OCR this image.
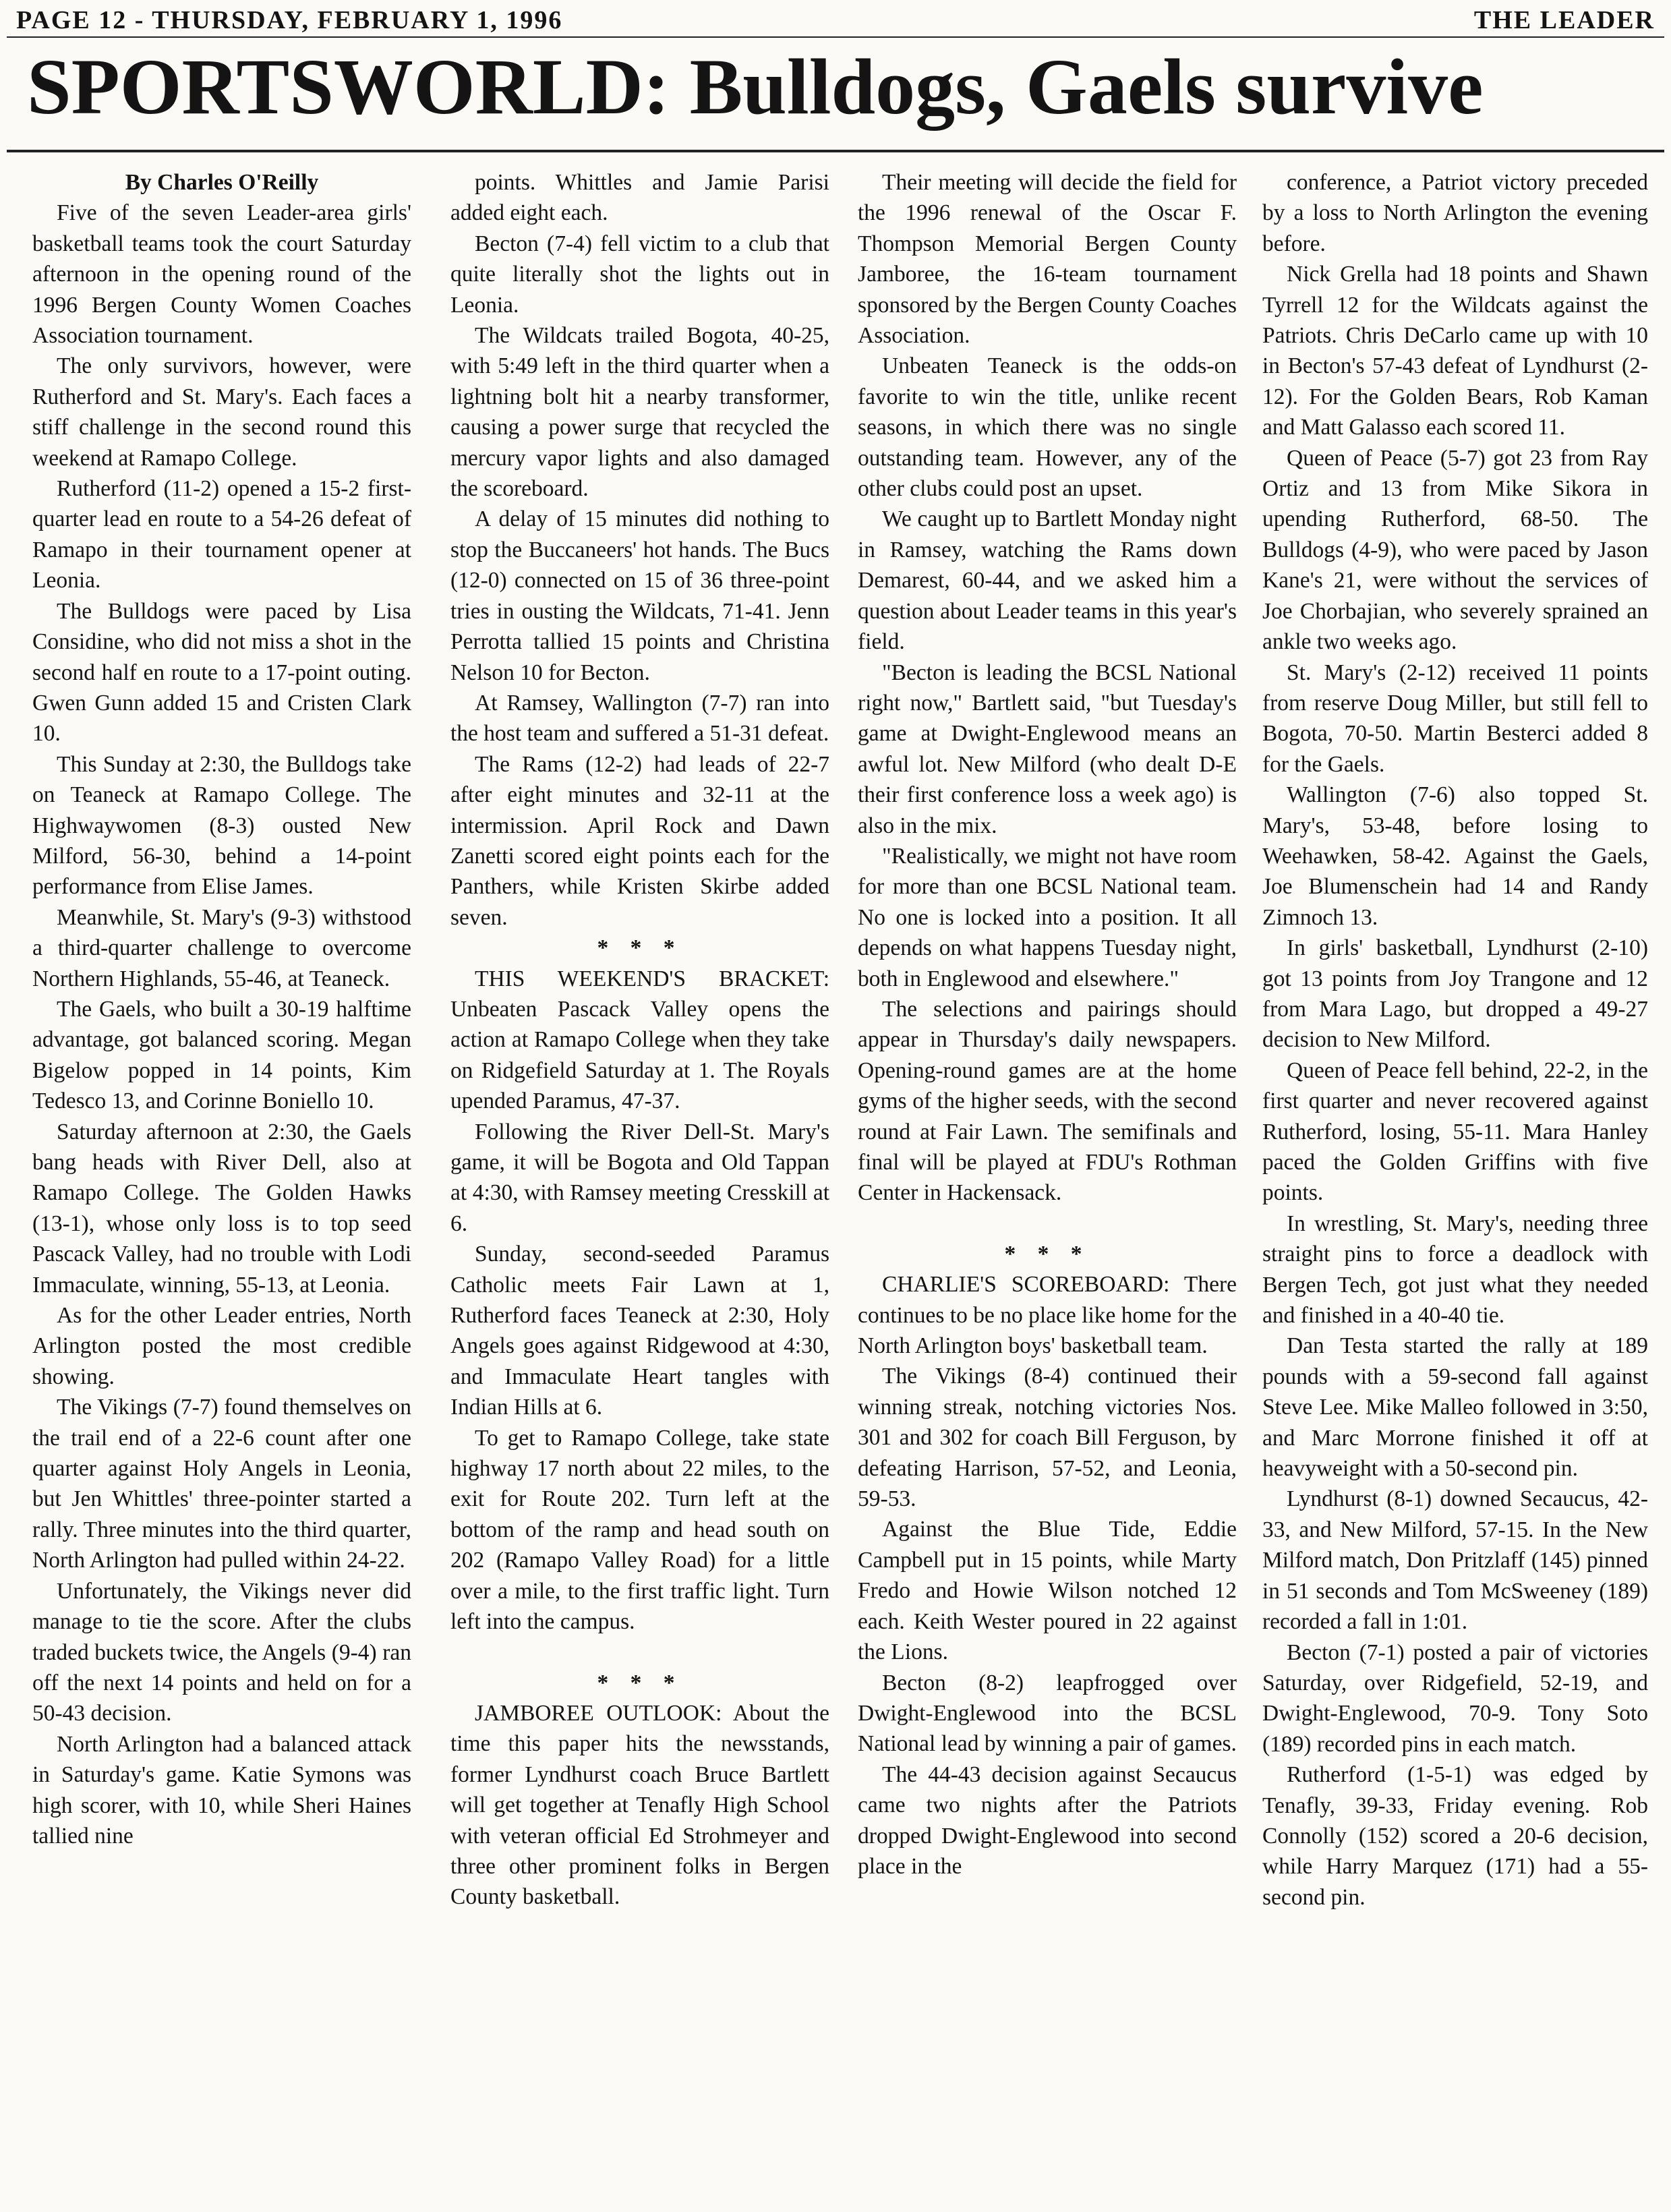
PAGE 12 - THURSDAY, FEBRUARY 1, 1996	THE LEADER
SPORTSWORLD: Bulldogs, Gaels survive

By Charles O'Reilly

Five of the seven Leader-area girls' basketball teams took the court Saturday afternoon in the opening round of the 1996 Bergen County Women Coaches Association tournament.

The only survivors, however, were Rutherford and St. Mary's. Each faces a stiff challenge in the second round this weekend at Ramapo College.

Rutherford (11-2) opened a 15-2 first-quarter lead en route to a 54-26 defeat of Ramapo in their tournament opener at Leonia.

The Bulldogs were paced by Lisa Considine, who did not miss a shot in the second half en route to a 17-point outing. Gwen Gunn added 15 and Cristen Clark 10.

This Sunday at 2:30, the Bulldogs take on Teaneck at Ramapo College. The Highwaywomen (8-3) ousted New Milford, 56-30, behind a 14-point performance from Elise James.

Meanwhile, St. Mary's (9-3) withstood a third-quarter challenge to overcome Northern Highlands, 55-46, at Teaneck.

The Gaels, who built a 30-19 halftime advantage, got balanced scoring. Megan Bigelow popped in 14 points, Kim Tedesco 13, and Corinne Boniello 10.

Saturday afternoon at 2:30, the Gaels bang heads with River Dell, also at Ramapo College. The Golden Hawks (13-1), whose only loss is to top seed Pascack Valley, had no trouble with Lodi Immaculate, winning, 55-13, at Leonia.

As for the other Leader entries, North Arlington posted the most credible showing.

The Vikings (7-7) found themselves on the trail end of a 22-6 count after one quarter against Holy Angels in Leonia, but Jen Whittles' three-pointer started a rally. Three minutes into the third quarter, North Arlington had pulled within 24-22.

Unfortunately, the Vikings never did manage to tie the score. After the clubs traded buckets twice, the Angels (9-4) ran off the next 14 points and held on for a 50-43 decision.

North Arlington had a balanced attack in Saturday's game. Katie Symons was high scorer, with 10, while Sheri Haines tallied nine

points. Whittles and Jamie Parisi added eight each.

Becton (7-4) fell victim to a club that quite literally shot the lights out in Leonia.

The Wildcats trailed Bogota, 40-25, with 5:49 left in the third quarter when a lightning bolt hit a nearby transformer, causing a power surge that recycled the mercury vapor lights and also damaged the scoreboard.

A delay of 15 minutes did nothing to stop the Buccaneers' hot hands. The Bucs (12-0) connected on 15 of 36 three-point tries in ousting the Wildcats, 71-41. Jenn Perrotta tallied 15 points and Christina Nelson 10 for Becton.

At Ramsey, Wallington (7-7) ran into the host team and suffered a 51-31 defeat.

The Rams (12-2) had leads of 22-7 after eight minutes and 32-11 at the intermission. April Rock and Dawn Zanetti scored eight points each for the Panthers, while Kristen Skirbe added seven.

* * *

THIS WEEKEND'S BRACKET: Unbeaten Pascack Valley opens the action at Ramapo College when they take on Ridgefield Saturday at 1. The Royals upended Paramus, 47-37.

Following the River Dell-St. Mary's game, it will be Bogota and Old Tappan at 4:30, with Ramsey meeting Cresskill at 6.

Sunday, second-seeded Paramus Catholic meets Fair Lawn at 1, Rutherford faces Teaneck at 2:30, Holy Angels goes against Ridgewood at 4:30, and Immaculate Heart tangles with Indian Hills at 6.

To get to Ramapo College, take state highway 17 north about 22 miles, to the exit for Route 202. Turn left at the bottom of the ramp and head south on 202 (Ramapo Valley Road) for a little over a mile, to the first traffic light. Turn left into the campus.

* * *

JAMBOREE OUTLOOK: About the time this paper hits the newsstands, former Lyndhurst coach Bruce Bartlett will get together at Tenafly High School with veteran official Ed Strohmeyer and three other prominent folks in Bergen County basketball.

Their meeting will decide the field for the 1996 renewal of the Oscar F. Thompson Memorial Bergen County Jamboree, the 16-team tournament sponsored by the Bergen County Coaches Association.

Unbeaten Teaneck is the odds-on favorite to win the title, unlike recent seasons, in which there was no single outstanding team. However, any of the other clubs could post an upset.

We caught up to Bartlett Monday night in Ramsey, watching the Rams down Demarest, 60-44, and we asked him a question about Leader teams in this year's field.

"Becton is leading the BCSL National right now," Bartlett said, "but Tuesday's game at Dwight-Englewood means an awful lot. New Milford (who dealt D-E their first conference loss a week ago) is also in the mix.

"Realistically, we might not have room for more than one BCSL National team. No one is locked into a position. It all depends on what happens Tuesday night, both in Englewood and elsewhere."

The selections and pairings should appear in Thursday's daily newspapers. Opening-round games are at the home gyms of the higher seeds, with the second round at Fair Lawn. The semifinals and final will be played at FDU's Rothman Center in Hackensack.

* * *

CHARLIE'S SCOREBOARD: There continues to be no place like home for the North Arlington boys' basketball team.

The Vikings (8-4) continued their winning streak, notching victories Nos. 301 and 302 for coach Bill Ferguson, by defeating Harrison, 57-52, and Leonia, 59-53.

Against the Blue Tide, Eddie Campbell put in 15 points, while Marty Fredo and Howie Wilson notched 12 each. Keith Wester poured in 22 against the Lions.

Becton (8-2) leapfrogged over Dwight-Englewood into the BCSL National lead by winning a pair of games.

The 44-43 decision against Secaucus came two nights after the Patriots dropped Dwight-Englewood into second place in the

conference, a Patriot victory preceded by a loss to North Arlington the evening before.

Nick Grella had 18 points and Shawn Tyrrell 12 for the Wildcats against the Patriots. Chris DeCarlo came up with 10 in Becton's 57-43 defeat of Lyndhurst (2-12). For the Golden Bears, Rob Kaman and Matt Galasso each scored 11.

Queen of Peace (5-7) got 23 from Ray Ortiz and 13 from Mike Sikora in upending Rutherford, 68-50. The Bulldogs (4-9), who were paced by Jason Kane's 21, were without the services of Joe Chorbajian, who severely sprained an ankle two weeks ago.

St. Mary's (2-12) received 11 points from reserve Doug Miller, but still fell to Bogota, 70-50. Martin Besterci added 8 for the Gaels.

Wallington (7-6) also topped St. Mary's, 53-48, before losing to Weehawken, 58-42. Against the Gaels, Joe Blumenschein had 14 and Randy Zimnoch 13.

In girls' basketball, Lyndhurst (2-10) got 13 points from Joy Trangone and 12 from Mara Lago, but dropped a 49-27 decision to New Milford.

Queen of Peace fell behind, 22-2, in the first quarter and never recovered against Rutherford, losing, 55-11. Mara Hanley paced the Golden Griffins with five points.

In wrestling, St. Mary's, needing three straight pins to force a deadlock with Bergen Tech, got just what they needed and finished in a 40-40 tie.

Dan Testa started the rally at 189 pounds with a 59-second fall against Steve Lee. Mike Malleo followed in 3:50, and Marc Morrone finished it off at heavyweight with a 50-second pin.

Lyndhurst (8-1) downed Secaucus, 42-33, and New Milford, 57-15. In the New Milford match, Don Pritzlaff (145) pinned in 51 seconds and Tom McSweeney (189) recorded a fall in 1:01.

Becton (7-1) posted a pair of victories Saturday, over Ridgefield, 52-19, and Dwight-Englewood, 70-9. Tony Soto (189) recorded pins in each match.

Rutherford (1-5-1) was edged by Tenafly, 39-33, Friday evening. Rob Connolly (152) scored a 20-6 decision, while Harry Marquez (171) had a 55-second pin.
